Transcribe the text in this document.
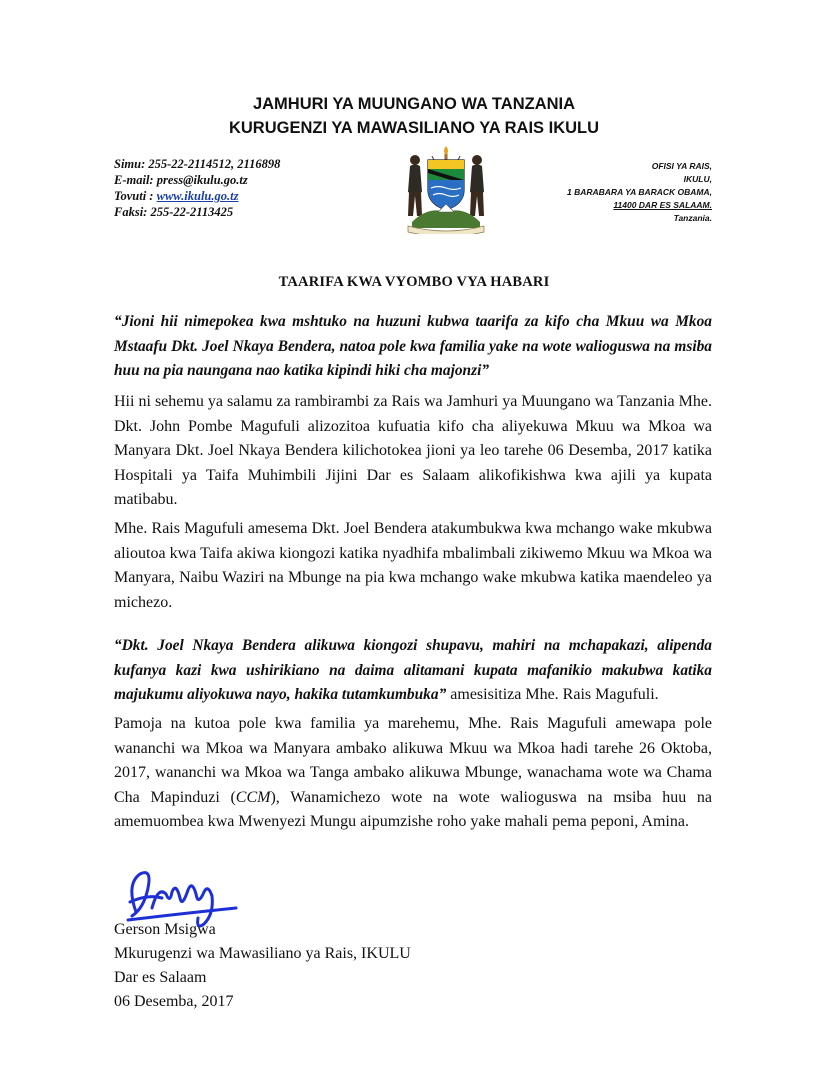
JAMHURI YA MUUNGANO WA TANZANIA
KURUGENZI YA MAWASILIANO YA RAIS IKULU
Simu: 255-22-2114512, 2116898
E-mail: press@ikulu.go.tz
Tovuti : www.ikulu.go.tz
Faksi: 255-22-2113425
OFISI YA RAIS,
IKULU,
1 BARABARA YA BARACK OBAMA,
11400 DAR ES SALAAM.
Tanzania.
TAARIFA KWA VYOMBO VYA HABARI

“Jioni hii nimepokea kwa mshtuko na huzuni kubwa taarifa za kifo cha Mkuu wa Mkoa Mstaafu Dkt. Joel Nkaya Bendera, natoa pole kwa familia yake na wote walioguswa na msiba huu na pia naungana nao katika kipindi hiki cha majonzi”

Hii ni sehemu ya salamu za rambirambi za Rais wa Jamhuri ya Muungano wa Tanzania Mhe. Dkt. John Pombe Magufuli alizozitoa kufuatia kifo cha aliyekuwa Mkuu wa Mkoa wa Manyara Dkt. Joel Nkaya Bendera kilichotokea jioni ya leo tarehe 06 Desemba, 2017 katika Hospitali ya Taifa Muhimbili Jijini Dar es Salaam alikofikishwa kwa ajili ya kupata matibabu.

Mhe. Rais Magufuli amesema Dkt. Joel Bendera atakumbukwa kwa mchango wake mkubwa alioutoa kwa Taifa akiwa kiongozi katika nyadhifa mbalimbali zikiwemo Mkuu wa Mkoa wa Manyara, Naibu Waziri na Mbunge na pia kwa mchango wake mkubwa katika maendeleo ya michezo.

“Dkt. Joel Nkaya Bendera alikuwa kiongozi shupavu, mahiri na mchapakazi, alipenda kufanya kazi kwa ushirikiano na daima alitamani kupata mafanikio makubwa katika majukumu aliyokuwa nayo, hakika tutamkumbuka” amesisitiza Mhe. Rais Magufuli.

Pamoja na kutoa pole kwa familia ya marehemu, Mhe. Rais Magufuli amewapa pole wananchi wa Mkoa wa Manyara ambako alikuwa Mkuu wa Mkoa hadi tarehe 26 Oktoba, 2017, wananchi wa Mkoa wa Tanga ambako alikuwa Mbunge, wanachama wote wa Chama Cha Mapinduzi (CCM), Wanamichezo wote na wote walioguswa na msiba huu na amemuombea kwa Mwenyezi Mungu aipumzishe roho yake mahali pema peponi, Amina.

Gerson Msigwa
Mkurugenzi wa Mawasiliano ya Rais, IKULU
Dar es Salaam
06 Desemba, 2017
